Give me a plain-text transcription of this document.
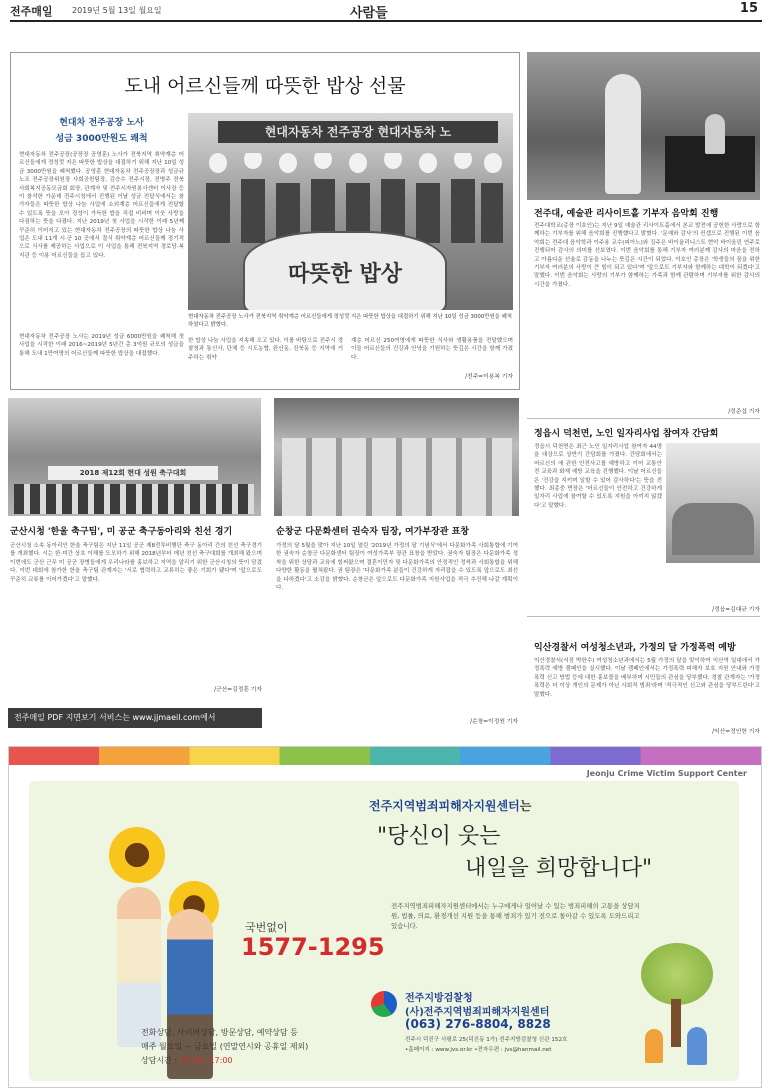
전주매일 2019년 5월 13일 월요일	사람들	15
도내 어르신들께 따뜻한 밥상 선물
현대차 전주공장 노사
성금 3000만원도 쾌척
현대자동차 전주공장(공장장 공영훈) 노사가 전북지역 취약계층 어르신들에게 정성껏 지은 따뜻한 밥상을 대접하기 위해 지난 10일 성금 3000만원을 쾌척했다. 공영훈 현대자동차 전주공장장과 성금규 노조 전주공장위원장 사회공헌팀장, 김승수 전주시장, 전병주 전북 사회복지공동모금회 회장, 관계자 및 전주시자원봉사센터 이사장 등이 참석한 가운데 전주시청에서 진행된 이날 성금 전달식에서는 참가자들은 따뜻한 밥상 나눔 사업에 소외계층 어르신들에게 전달할 수 있도록 뜻을 모아 정성이 가득한 밥을 직접 비비며 이웃 사랑을 다짐하는 뜻을 다졌다. 지난 2019년 첫 사업을 시작한 이래 5년째 꾸준히 이어지고 있는 현대자동차 전주공장의 따뜻한 밥상 나눔 사업은 도내 11개 시·군 10 곳에서 결식 취약계층 어르신들께 정기적으로 식사를 제공하는 사업으로 이 사업을 통해 전북지역 경로당·복지관 등 이용 어르신들을 돕고 있다.
현대자동차 전주공장 노사는 2019년 성금 6000만원을 쾌척해 첫 사업을 시작한 이래 2016~2019년 5년간 총 3억원 규모의 성금을 통해 도내 1만여명의 어르신들께 따뜻한 밥상을 대접했다.
현대자동차 전주공장 현대자동차 노
따뜻한 밥상
현대자동차 전주공장 노사가 전북지역 취약계층 어르신들에게 정성껏 지은 따뜻한 밥상을 대접하기 위해 지난 10일 성금 3000만원을 쾌척하였다고 밝혔다.
한 밥상 나눔 사업을 지속해 오고 있다. 이를 바탕으로 전주시 경찰청과 통신사, 단체 등 시도농협, 완산동, 진북동 등 지역에 거주하는 취약
계층 어르신 250여명에게 따뜻한 식사와 생활용품을 전달했으며 이들 어르신들의 건강과 안녕을 기원하는 뜻깊은 시간을 함께 가졌다.
/전주=이용복 기자
전주대, 예술관 리사이트홀 기부자 음악회 진행
전주대학교(총장 이호인)는 지난 9일 예술관 리사이트홀에서 본교 발전에 공헌한 사랑으로 함께하는 기부자를 위해 음악회를 진행했다고 밝혔다. '문예와 감사'의 컨셉으로 진행된 이번 음악회는 전주대 음악학과 이주용 교수(피아노)와 김주은 바이올리니스트 현악 바이올린 연주로 진행되어 감사의 의미를 선보였다. 이번 음악회를 통해 기부자 여러분께 감사의 마음을 전하고 아름다운 선율로 감동을 나누는 뜻깊은 시간이 되었다. 이호인 총장은 '학생들의 꿈을 위한 기부자 여러분의 사랑이 큰 힘이 되고 있다'며 '앞으로도 기부자와 함께하는 대학이 되겠다'고 말했다. 이번 음악회는 사랑의 기부가 함께하는 가족과 함께 관람하며 기부자를 위한 감사의 시간을 가졌다.
/정준섭 기자
정읍시 덕천면, 노인 일자리사업 참여자 간담회
정읍시 덕천면은 최근 노인 일자리사업 참여자 44명을 대상으로 상반기 간담회를 가졌다. 간담회에서는 어르신의 에 관한 안전사고를 예방하고 이어 교통안전 교육과 화재 예방 교육을 진행했다. 이날 어르신들은 '건강을 지키며 일할 수 있어 감사하다'는 뜻을 전했다. 최종중 면장은 '어르신들이 안전하고 건강하게 일자리 사업에 참여할 수 있도록 지원을 아끼지 않겠다'고 말했다.
/정읍=김대규 기자
익산경찰서 여성청소년과, 가정의 달 가정폭력 예방
익산경찰서(서장 박한수) 여성청소년과에서는 5월 가정의 달을 맞이하여 익산역 일대에서 가정폭력 예방 캠페인을 실시했다. 이날 캠페인에서는 가정폭력 피해자 보호 지원 안내와 가정폭력 신고 방법 등에 대한 홍보물을 배부하며 시민들의 관심을 당부했다. 경찰 관계자는 '가정폭력은 더 이상 개인의 문제가 아닌 사회적 범죄'라며 '적극적인 신고와 관심을 당부드린다'고 말했다.
/익산=정인헌 기자
2018 제12회 현대 성원 축구대회
군산시청 '한울 축구팀', 미 공군 축구동아리와 친선 경기
군산시청 소속 동아리인 한울 축구팀은 지난 11일 공군 제8전투비행단 축구 동아리 간의 친선 축구경기를 개최했다. 시는 한·미간 상호 이해를 도모하기 위해 2018년부터 매년 친선 축구대회를 개최해 왔으며 이번에도 군산 근무 미 공군 장병들에게 우리나라를 홍보하고 지역을 알리기 위한 군산시청의 뜻이 담겼다. 이번 대회에 참가한 한울 축구팀 관계자는 '서로 협력하고 교류하는 좋은 기회가 됐다'며 '앞으로도 꾸준히 교류를 이어가겠다'고 말했다.
/군산=김정훈 기자
전주매일 PDF 지면보기 서비스는 www.jjmaeil.com에서
순창군 다문화센터 권숙자 팀장, 여가부장관 표창
가정의 달 5월을 맞아 지난 10일 열린 '2019년 가정의 달 기념식'에서 다문화가족 사회통합에 기여한 권숙자 순창군 다문화센터 팀장이 여성가족부 장관 표창을 받았다. 권숙자 팀장은 다문화가족 정착을 위한 상담과 교육에 힘써왔으며 결혼이민자 및 다문화가족의 안정적인 정착과 사회통합을 위해 다양한 활동을 펼쳐왔다. 권 팀장은 '다문화가족 분들이 건강하게 자리잡을 수 있도록 앞으로도 최선을 다하겠다'고 소감을 밝혔다. 순창군은 앞으로도 다문화가족 지원사업을 적극 추진해 나갈 계획이다.
/순창=이정원 기자
Jeonju Crime Victim Support Center
전주지역범죄피해자지원센터는
"당신이 웃는
내일을 희망합니다"
전주지역범죄피해자지원센터에서는 누구에게나 일어날 수 있는 범죄피해의 고통을 상담지원, 법률, 의료, 환경개선 지원 등을 통해 범죄가 있기 전으로 돌아갈 수 있도록 도와드리고 있습니다.
국번없이
1577-1295
전화상담, 사이버상담, 방문상담, 예약상담 등
매주 월요일 ~ 금요일 (연말연시와 공휴일 제외)
상담시간 : 10:00~17:00
전주지방검찰청
(사)전주지역범죄피해자지원센터
(063) 276-8804, 8828
전주시 덕진구 사평로 25(덕진동 1가) 전주지방검찰청 신관 152호
•홈페이지 : www.jvs.or.kr •전자우편 : jvs@hanmail.net
